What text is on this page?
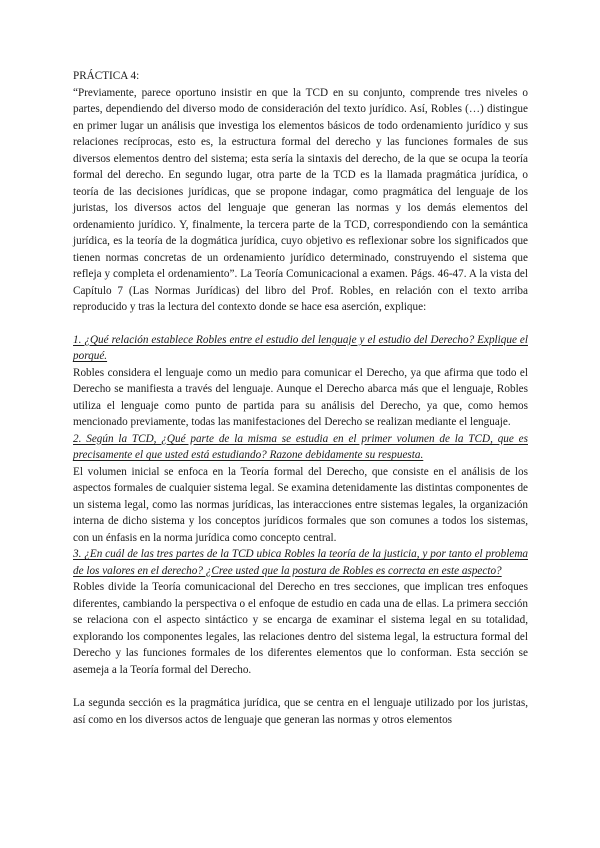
PRÁCTICA 4:

“Previamente, parece oportuno insistir en que la TCD en su conjunto, comprende tres niveles o partes, dependiendo del diverso modo de consideración del texto jurídico. Así, Robles (…) distingue en primer lugar un análisis que investiga los elementos básicos de todo ordenamiento jurídico y sus relaciones recíprocas, esto es, la estructura formal del derecho y las funciones formales de sus diversos elementos dentro del sistema; esta sería la sintaxis del derecho, de la que se ocupa la teoría formal del derecho. En segundo lugar, otra parte de la TCD es la llamada pragmática jurídica, o teoría de las decisiones jurídicas, que se propone indagar, como pragmática del lenguaje de los juristas, los diversos actos del lenguaje que generan las normas y los demás elementos del ordenamiento jurídico. Y, finalmente, la tercera parte de la TCD, correspondiendo con la semántica jurídica, es la teoría de la dogmática jurídica, cuyo objetivo es reflexionar sobre los significados que tienen normas concretas de un ordenamiento jurídico determinado, construyendo el sistema que refleja y completa el ordenamiento”. La Teoría Comunicacional a examen. Págs. 46-47. A la vista del Capítulo 7 (Las Normas Jurídicas) del libro del Prof. Robles, en relación con el texto arriba reproducido y tras la lectura del contexto donde se hace esa aserción, explique:

1. ¿Qué relación establece Robles entre el estudio del lenguaje y el estudio del Derecho? Explique el porqué.

Robles considera el lenguaje como un medio para comunicar el Derecho, ya que afirma que todo el Derecho se manifiesta a través del lenguaje. Aunque el Derecho abarca más que el lenguaje, Robles utiliza el lenguaje como punto de partida para su análisis del Derecho, ya que, como hemos mencionado previamente, todas las manifestaciones del Derecho se realizan mediante el lenguaje.

2. Según la TCD, ¿Qué parte de la misma se estudia en el primer volumen de la TCD, que es precisamente el que usted está estudiando? Razone debidamente su respuesta.

El volumen inicial se enfoca en la Teoría formal del Derecho, que consiste en el análisis de los aspectos formales de cualquier sistema legal. Se examina detenidamente las distintas componentes de un sistema legal, como las normas jurídicas, las interacciones entre sistemas legales, la organización interna de dicho sistema y los conceptos jurídicos formales que son comunes a todos los sistemas, con un énfasis en la norma jurídica como concepto central.

3. ¿En cuál de las tres partes de la TCD ubica Robles la teoría de la justicia, y por tanto el problema de los valores en el derecho? ¿Cree usted que la postura de Robles es correcta en este aspecto?

Robles divide la Teoría comunicacional del Derecho en tres secciones, que implican tres enfoques diferentes, cambiando la perspectiva o el enfoque de estudio en cada una de ellas. La primera sección se relaciona con el aspecto sintáctico y se encarga de examinar el sistema legal en su totalidad, explorando los componentes legales, las relaciones dentro del sistema legal, la estructura formal del Derecho y las funciones formales de los diferentes elementos que lo conforman. Esta sección se asemeja a la Teoría formal del Derecho.

La segunda sección es la pragmática jurídica, que se centra en el lenguaje utilizado por los juristas, así como en los diversos actos de lenguaje que generan las normas y otros elementos
